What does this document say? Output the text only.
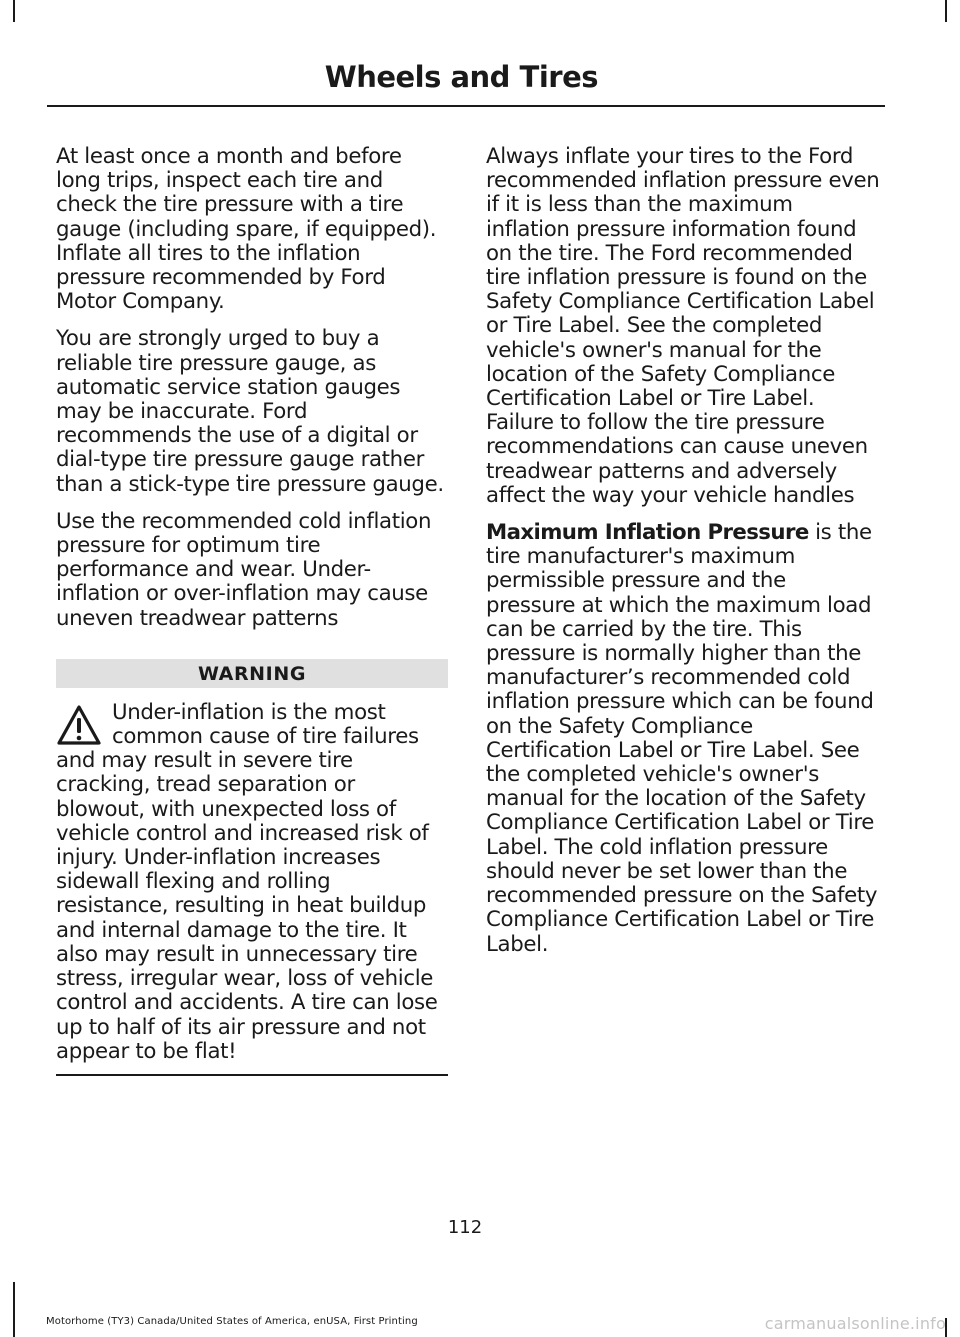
Wheels and Tires

At least once a month and before long trips, inspect each tire and check the tire pressure with a tire gauge (including spare, if equipped). Inflate all tires to the inflation pressure recommended by Ford Motor Company.

You are strongly urged to buy a reliable tire pressure gauge, as automatic service station gauges may be inaccurate. Ford recommends the use of a digital or dial-type tire pressure gauge rather than a stick-type tire pressure gauge.

Use the recommended cold inflation pressure for optimum tire performance and wear. Under-inflation or over-inflation may cause uneven treadwear patterns

WARNING
Under-inflation is the most common cause of tire failures and may result in severe tire cracking, tread separation or blowout, with unexpected loss of vehicle control and increased risk of injury. Under-inflation increases sidewall flexing and rolling resistance, resulting in heat buildup and internal damage to the tire. It also may result in unnecessary tire stress, irregular wear, loss of vehicle control and accidents. A tire can lose up to half of its air pressure and not appear to be flat!

Always inflate your tires to the Ford recommended inflation pressure even if it is less than the maximum inflation pressure information found on the tire. The Ford recommended tire inflation pressure is found on the Safety Compliance Certification Label or Tire Label. See the completed vehicle's owner's manual for the location of the Safety Compliance Certification Label or Tire Label. Failure to follow the tire pressure recommendations can cause uneven treadwear patterns and adversely affect the way your vehicle handles

Maximum Inflation Pressure is the tire manufacturer's maximum permissible pressure and the pressure at which the maximum load can be carried by the tire. This pressure is normally higher than the manufacturer’s recommended cold inflation pressure which can be found on the Safety Compliance Certification Label or Tire Label. See the completed vehicle's owner's manual for the location of the Safety Compliance Certification Label or Tire Label. The cold inflation pressure should never be set lower than the recommended pressure on the Safety Compliance Certification Label or Tire Label.

112
Motorhome (TY3) Canada/United States of America, enUSA, First Printing	carmanualsonline.info
